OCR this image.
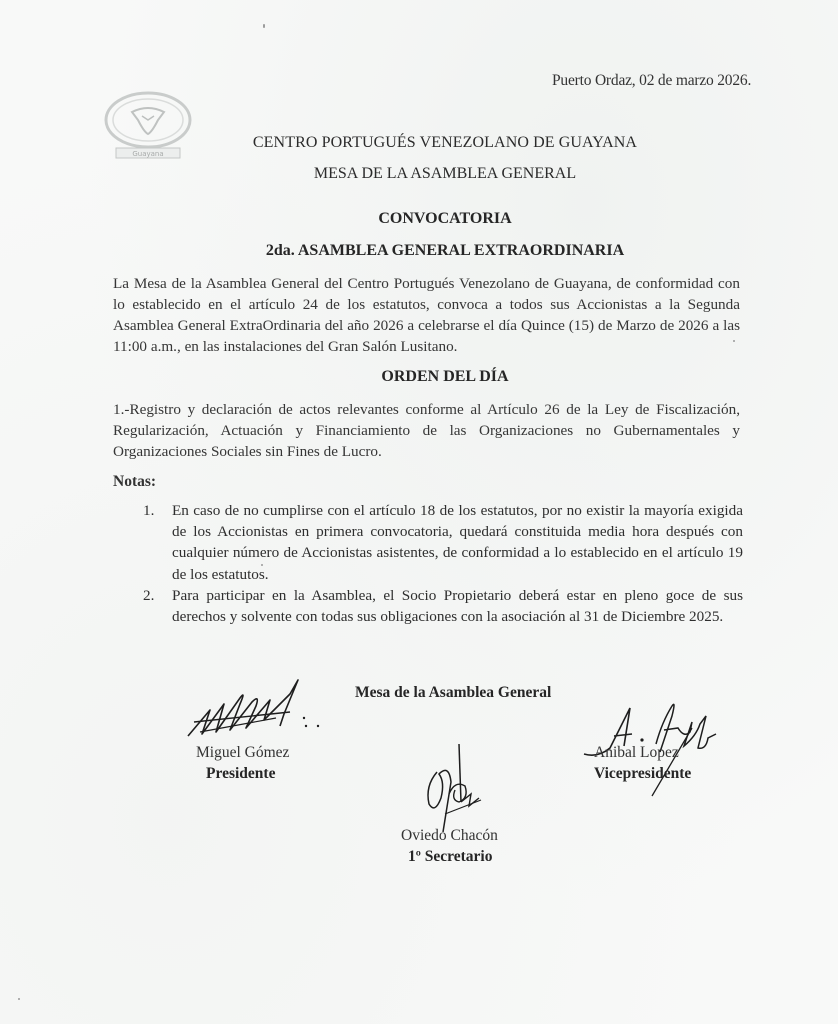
Puerto Ordaz, 02 de marzo 2026.
Guayana
CENTRO PORTUGUÉS VENEZOLANO DE GUAYANA
MESA DE LA ASAMBLEA GENERAL
CONVOCATORIA
2da. ASAMBLEA GENERAL EXTRAORDINARIA
La Mesa de la Asamblea General del Centro Portugués Venezolano de Guayana, de conformidad con lo establecido en el artículo 24 de los estatutos, convoca a todos sus Accionistas a la Segunda Asamblea General ExtraOrdinaria del año 2026 a celebrarse el día Quince (15) de Marzo de 2026 a las 11:00 a.m., en las instalaciones del Gran Salón Lusitano.
ORDEN DEL DÍA
1.-Registro y declaración de actos relevantes conforme al Artículo 26 de la Ley de Fiscalización, Regularización, Actuación y Financiamiento de las Organizaciones no Gubernamentales y Organizaciones Sociales sin Fines de Lucro.
Notas:
1. En caso de no cumplirse con el artículo 18 de los estatutos, por no existir la mayoría exigida de los Accionistas en primera convocatoria, quedará constituida media hora después con cualquier número de Accionistas asistentes, de conformidad a lo establecido en el artículo 19 de los estatutos.
2. Para participar en la Asamblea, el Socio Propietario deberá estar en pleno goce de sus derechos y solvente con todas sus obligaciones con la asociación al 31 de Diciembre 2025.
Mesa de la Asamblea General
Miguel Gómez
Presidente
Anibal Lopez
Vicepresidente
Oviedo Chacón
1º Secretario
